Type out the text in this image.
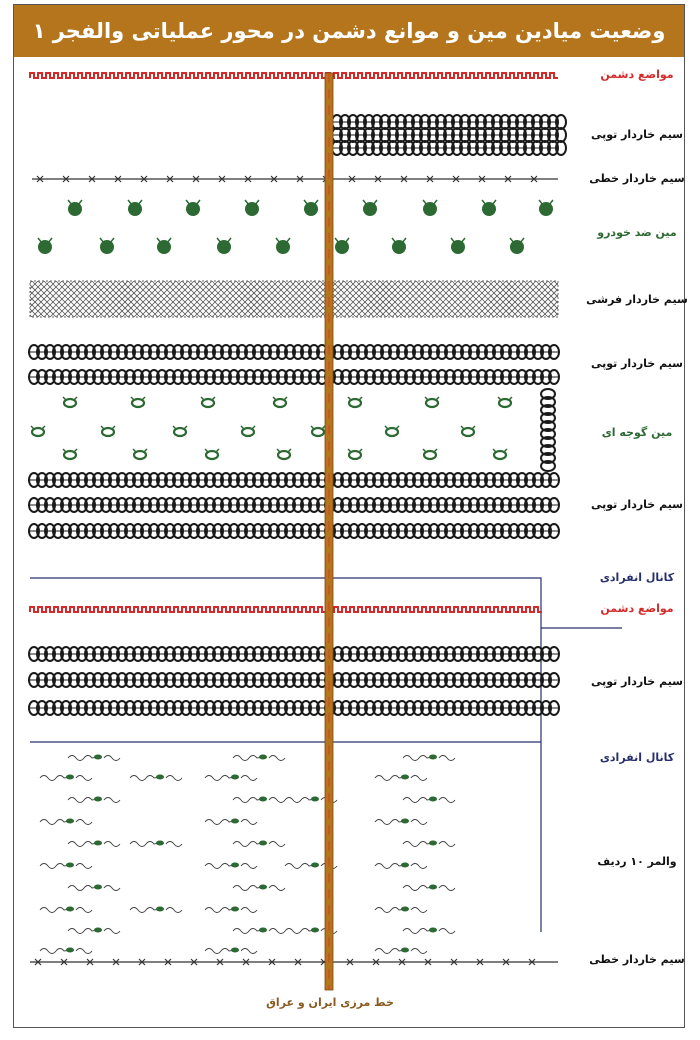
وضعیت میادین مین و موانع دشمن در محور عملیاتی والفجر ۱
مواضع دشمن
سیم خاردار توپی
سیم خاردار خطی
مین ضد خودرو
سیم خاردار فرشی
سیم خاردار توپی
مین گوجه ای
سیم خاردار توپی
کانال انفرادی
مواضع دشمن
سیم خاردار توپی
کانال انفرادی
والمر ۱۰ ردیف
سیم خاردار خطی
خط مرزی ایران و عراق
